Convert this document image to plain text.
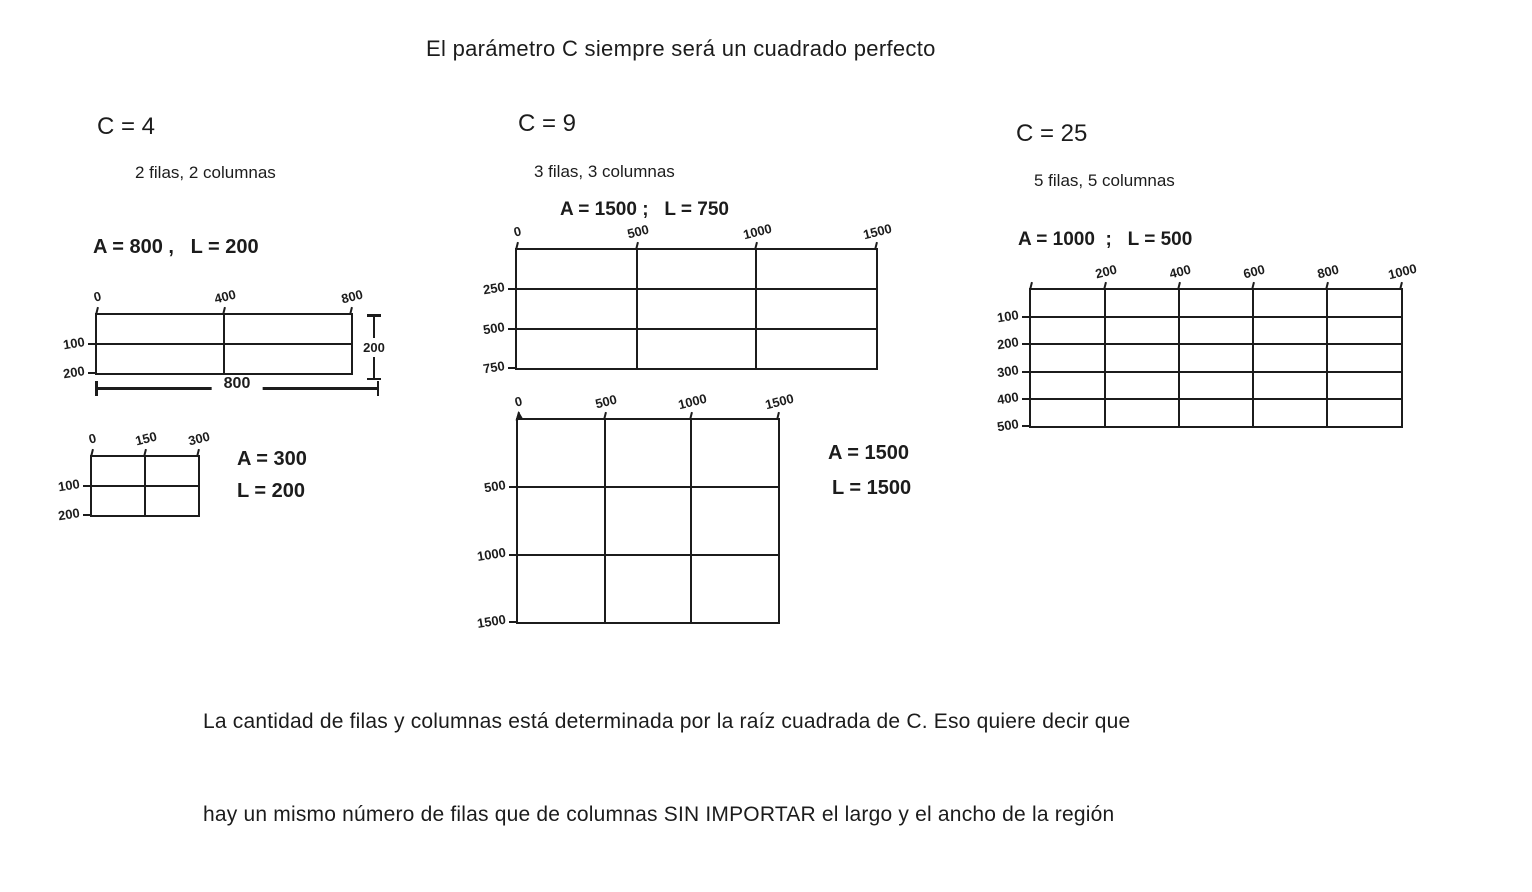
El parámetro C siempre será un cuadrado perfecto
C = 4
2 filas, 2 columnas
A = 800 ,   L = 200
0	400	800
100
200
200
800
0	150 300
100
200
A = 300
L = 200
C = 9
3 filas, 3 columnas
A = 1500 ;   L = 750
0	500	1000	1500
250
500
750
0	500	1000	1500
500
1000
1500
A = 1500
L = 1500
C = 25
5 filas, 5 columnas
A = 1000  ;   L = 500
200	400	600	800	1000
100
200
300
400
500

La cantidad de filas y columnas está determinada por la raíz cuadrada de C. Eso quiere decir que

hay un mismo número de filas que de columnas SIN IMPORTAR el largo y el ancho de la región
